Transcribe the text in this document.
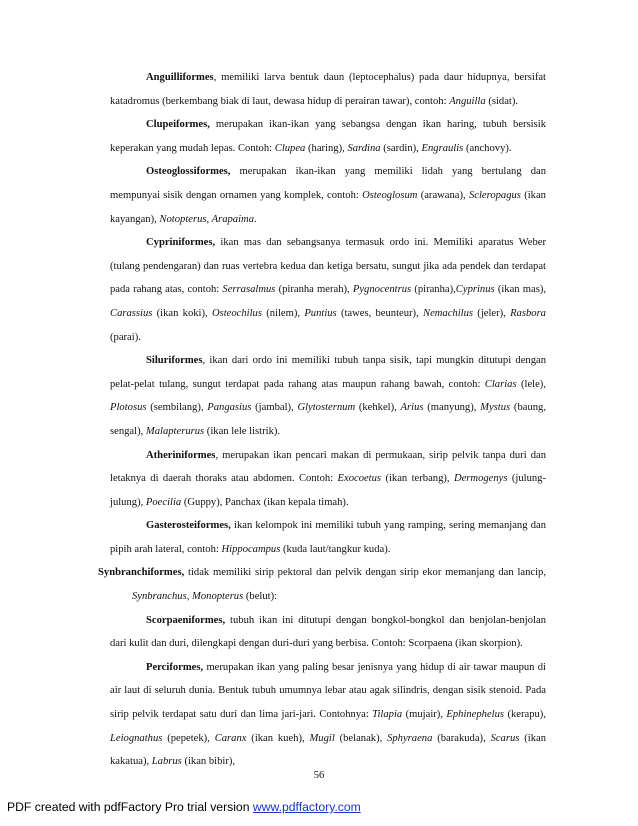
Anguilliformes, memiliki larva bentuk daun (leptocephalus) pada daur hidupnya, bersifat katadromus (berkembang biak di laut, dewasa hidup di perairan tawar), contoh: Anguilla (sidat).

Clupeiformes, merupakan ikan-ikan yang sebangsa dengan ikan haring, tubuh bersisik keperakan yang mudah lepas. Contoh: Clupea (haring), Sardina (sardin), Engraulis (anchovy).

Osteoglossiformes, merupakan ikan-ikan yang memiliki lidah yang bertulang dan mempunyai sisik dengan ornamen yang komplek, contoh: Osteoglosum (arawana), Scleropagus (ikan kayangan), Notopterus, Arapaima.

Cypriniformes, ikan mas dan sebangsanya termasuk ordo ini. Memiliki aparatus Weber (tulang pendengaran) dan ruas vertebra kedua dan ketiga bersatu, sungut jika ada pendek dan terdapat pada rahang atas, contoh: Serrasalmus (piranha merah), Pygnocentrus (piranha),Cyprinus (ikan mas), Carassius (ikan koki), Osteochilus (nilem), Puntius (tawes, beunteur), Nemachilus (jeler), Rasbora (parai).

Siluriformes, ikan dari ordo ini memiliki tubuh tanpa sisik, tapi mungkin ditutupi dengan pelat-pelat tulang, sungut terdapat pada rahang atas maupun rahang bawah, contoh: Clarias (lele), Plotosus (sembilang), Pangasius (jambal), Glytosternum (kehkel), Arius (manyung), Mystus (baung, sengal), Malapterurus (ikan lele listrik).

Atheriniformes, merupakan ikan pencari makan di permukaan, sirip pelvik tanpa duri dan letaknya di daerah thoraks atau abdomen. Contoh: Exocoetus (ikan terbang), Dermogenys (julung-julung), Poecilia (Guppy), Panchax (ikan kepala timah).

Gasterosteiformes, ikan kelompok ini memiliki tubuh yang ramping, sering memanjang dan pipih arah lateral, contoh: Hippocampus (kuda laut/tangkur kuda).

Synbranchiformes, tidak memiliki sirip pektoral dan pelvik dengan sirip ekor memanjang dan lancip, Synbranchus, Monopterus (belut):

Scorpaeniformes, tubuh ikan ini ditutupi dengan bongkol-bongkol dan benjolan-benjolan dari kulit dan duri, dilengkapi dengan duri-duri yang berbisa. Contoh: Scorpaena (ikan skorpion).

Perciformes, merupakan ikan yang paling besar jenisnya yang hidup di air tawar maupun di air laut di seluruh dunia. Bentuk tubuh umumnya lebar atau agak silindris, dengan sisik stenoid. Pada sirip pelvik terdapat satu duri dan lima jari-jari. Contohnya: Tilapia (mujair), Ephinephelus (kerapu), Leiognathus (pepetek), Caranx (ikan kueh), Mugil (belanak), Sphyraena (barakuda), Scarus (ikan kakatua), Labrus (ikan bibir),

56
PDF created with pdfFactory Pro trial version www.pdffactory.com
